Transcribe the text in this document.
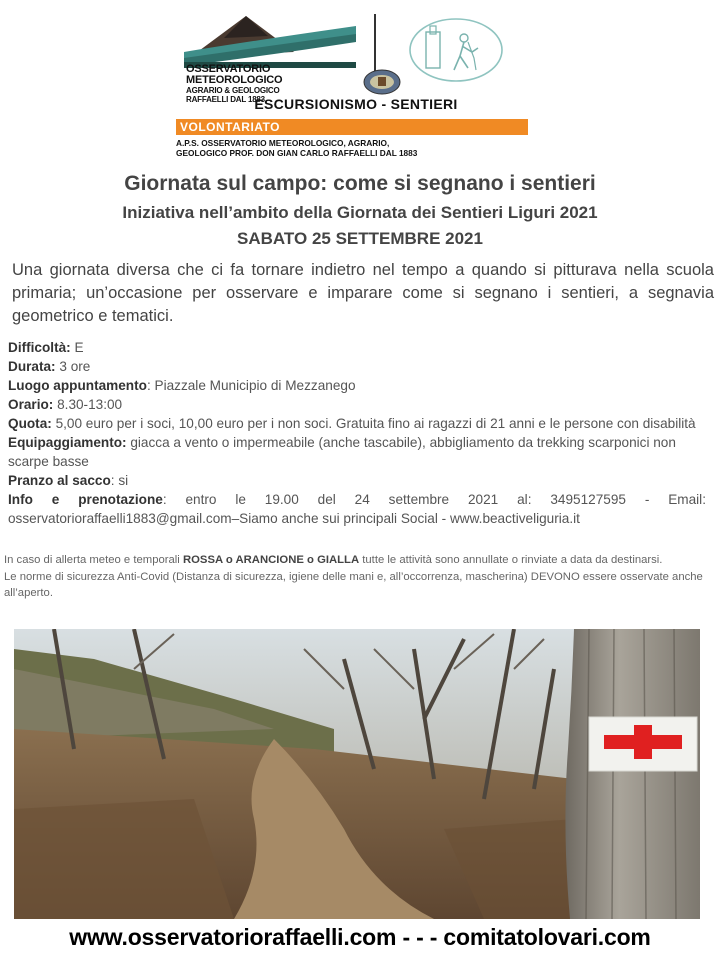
OSSERVATORIO
METEOROLOGICO
AGRARIO & GEOLOGICO
RAFFAELLI DAL 1883
ESCURSIONISMO - SENTIERI
VOLONTARIATO
A.P.S. OSSERVATORIO METEOROLOGICO, AGRARIO,
GEOLOGICO PROF. DON GIAN CARLO RAFFAELLI DAL 1883
Giornata sul campo: come si segnano i sentieri
Iniziativa nell’ambito della Giornata dei Sentieri Liguri 2021
SABATO 25 SETTEMBRE 2021
Una giornata diversa che ci fa tornare indietro nel tempo a quando si pitturava nella scuola primaria; un’occasione per osservare e imparare come si segnano i sentieri, a segnavia geometrico e tematici.
Difficoltà: E
Durata: 3 ore
Luogo appuntamento: Piazzale Municipio di Mezzanego
Orario: 8.30-13:00
Quota: 5,00 euro per i soci, 10,00 euro per i non soci. Gratuita fino ai ragazzi di 21 anni e le persone con disabilità
Equipaggiamento: giacca a vento o impermeabile (anche tascabile), abbigliamento da trekking scarponici non scarpe basse
Pranzo al sacco: si
Info e prenotazione: entro le 19.00 del 24 settembre 2021 al: 3495127595 - Email:
osservatorioraffaelli1883@gmail.com–Siamo anche sui principali Social - www.beactiveliguria.it
In caso di allerta meteo e temporali ROSSA o ARANCIONE o GIALLA tutte le attività sono annullate o rinviate a data da destinarsi.
Le norme di sicurezza Anti-Covid (Distanza di sicurezza, igiene delle mani e, all’occorrenza, mascherina) DEVONO essere osservate anche all’aperto.
www.osservatorioraffaelli.com - - - comitatolovari.com
